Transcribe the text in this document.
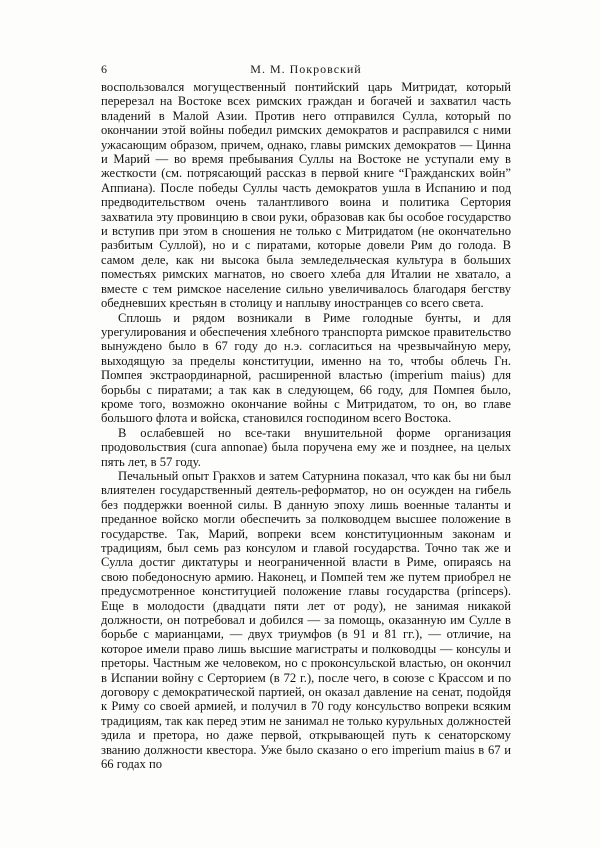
6	М. М. Покровский

воспользовался могущественный понтийский царь Митридат, который перерезал на Востоке всех римских граждан и богачей и захватил часть владений в Малой Азии. Против него отправился Сулла, который по окончании этой войны победил римских демократов и расправился с ними ужасающим образом, причем, однако, главы римских демократов — Цинна и Марий — во время пребывания Суллы на Востоке не уступали ему в жесткости (см. потрясающий рассказ в первой книге “Гражданских войн” Аппиана). После победы Суллы часть демократов ушла в Испанию и под предводительством очень талантливого воина и политика Сертория захватила эту провинцию в свои руки, образовав как бы особое государство и вступив при этом в сношения не только с Митридатом (не окончательно разбитым Суллой), но и с пиратами, которые довели Рим до голода. В самом деле, как ни высока была земледельческая культура в больших поместьях римских магнатов, но своего хлеба для Италии не хватало, а вместе с тем римское население сильно увеличивалось благодаря бегству обедневших крестьян в столицу и наплыву иностранцев со всего света.

Сплошь и рядом возникали в Риме голодные бунты, и для урегулирования и обеспечения хлебного транспорта римское правительство вынуждено было в 67 году до н.э. согласиться на чрезвычайную меру, выходящую за пределы конституции, именно на то, чтобы облечь Гн. Помпея экстраординарной, расширенной властью (imperium maius) для борьбы с пиратами; а так как в следующем, 66 году, для Помпея было, кроме того, возможно окончание войны с Митридатом, то он, во главе большого флота и войска, становился господином всего Востока.

В ослабевшей но все-таки внушительной форме организация продовольствия (cura annonae) была поручена ему же и позднее, на целых пять лет, в 57 году.

Печальный опыт Гракхов и затем Сатурнина показал, что как бы ни был влиятелен государственный деятель-реформатор, но он осужден на гибель без поддержки военной силы. В данную эпоху лишь военные таланты и преданное войско могли обеспечить за полководцем высшее положение в государстве. Так, Марий, вопреки всем конституционным законам и традициям, был семь раз консулом и главой государства. Точно так же и Сулла достиг диктатуры и неограниченной власти в Риме, опираясь на свою победоносную армию. Наконец, и Помпей тем же путем приобрел не предусмотренное конституцией положение главы государства (princeps). Еще в молодости (двадцати пяти лет от роду), не занимая никакой должности, он потребовал и добился — за помощь, оказанную им Сулле в борьбе с марианцами, — двух триумфов (в 91 и 81 гг.), — отличие, на которое имели право лишь высшие магистраты и полководцы — консулы и преторы. Частным же человеком, но с проконсульской властью, он окончил в Испании войну с Серторием (в 72 г.), после чего, в союзе с Крассом и по договору с демократической партией, он оказал давление на сенат, подойдя к Риму со своей армией, и получил в 70 году консульство вопреки всяким традициям, так как перед этим не занимал не только курульных должностей эдила и претора, но даже первой, открывающей путь к сенаторскому званию должности квестора. Уже было сказано о его imperium maius в 67 и 66 годах по
